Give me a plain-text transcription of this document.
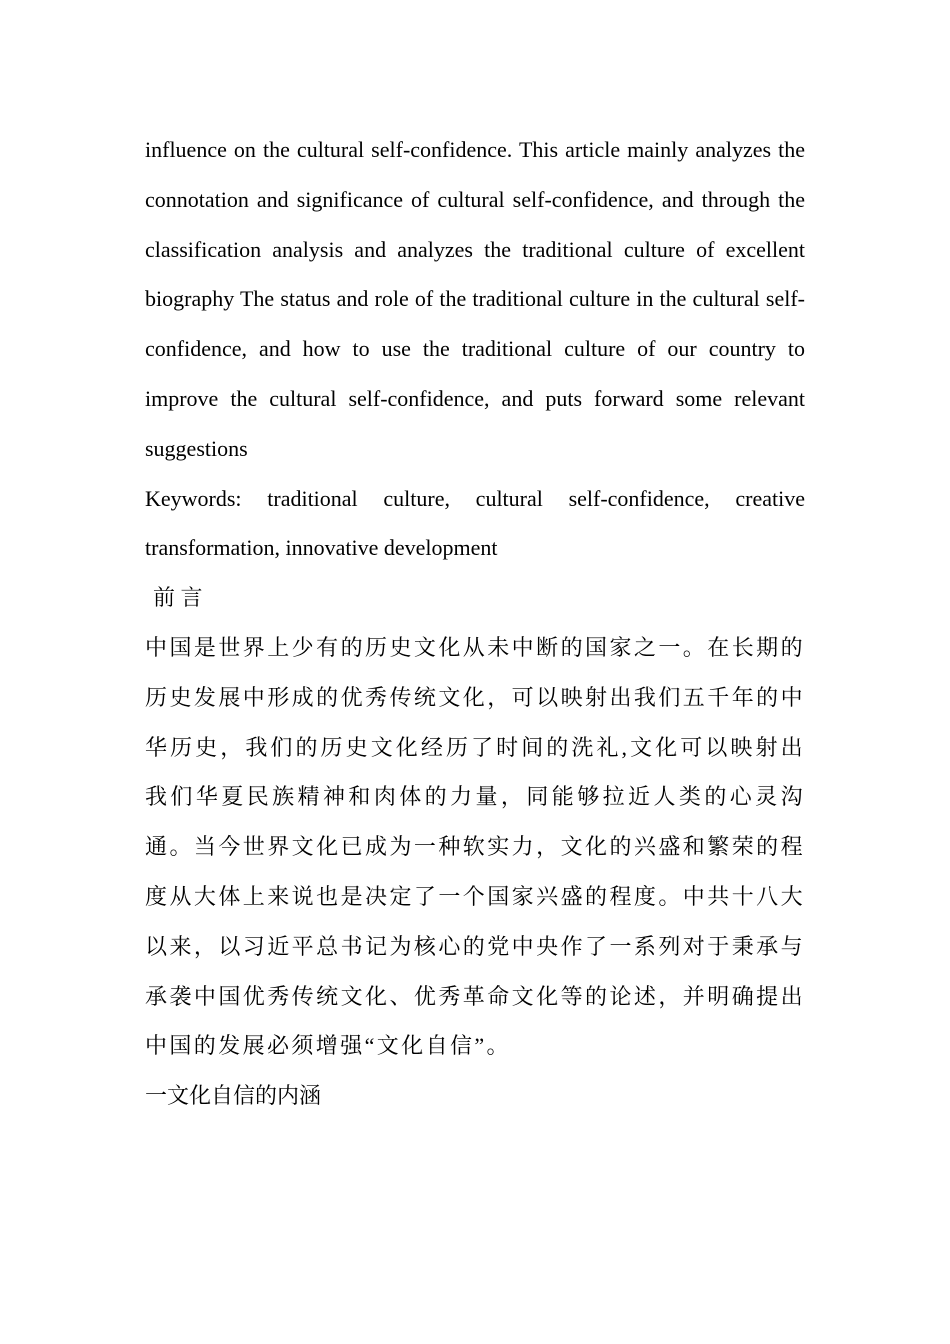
influence on the cultural self-confidence. This article mainly analyzes the connotation and significance of cultural self-confidence, and through the classification analysis and analyzes the traditional culture of excellent biography The status and role of the traditional culture in the cultural self-confidence, and how to use the traditional culture of our country to improve the cultural self-confidence, and puts forward some relevant suggestions

Keywords: traditional culture, cultural self-confidence, creative transformation, innovative development

前 言

中国是世界上少有的历史文化从未中断的国家之一。在长期的历史发展中形成的优秀传统文化，可以映射出我们五千年的中华历史，我们的历史文化经历了时间的洗礼,文化可以映射出我们华夏民族精神和肉体的力量，同能够拉近人类的心灵沟通。当今世界文化已成为一种软实力，文化的兴盛和繁荣的程度从大体上来说也是决定了一个国家兴盛的程度。中共十八大以来，以习近平总书记为核心的党中央作了一系列对于秉承与承袭中国优秀传统文化、优秀革命文化等的论述，并明确提出中国的发展必须增强“文化自信”。

一文化自信的内涵
